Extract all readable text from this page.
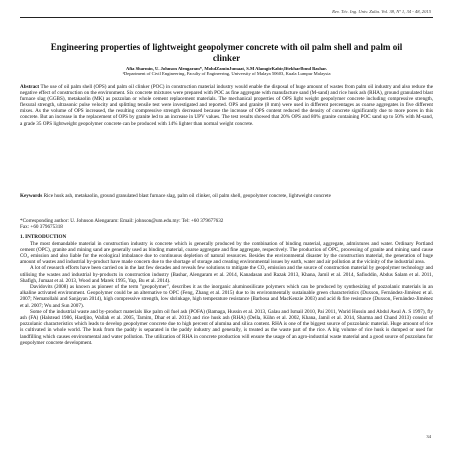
Rev. Téc. Ing. Univ. Zulia. Vol. 38, Nº 1, 34 - 48, 2015
Engineering properties of lightweight geopolymer concrete with oil palm shell and palm oil clinker
Afia Sharmin, U. Johnson Alengaram*, MohdZaminJumaat, S.M AlamgirKabir,IftekharIbnul Bashar.
¹Department of Civil Engineering, Faculty of Engineering, University of Malaya 50603, Kuala Lumpur Malaysia
Abstract The use of oil palm shell (OPS) and palm oil clinker (POC) in construction material industry would enable the disposal of huge amount of wastes from palm oil industry and also reduce the negative effect of construction on the environment. Six concrete mixtures were prepared with POC as fine aggregate with manufacture sand (M-sand) and rice husk ash (RHA), ground granulated blast furnace slag (GGBS), metakaolin (MK) as pozzolan or whole cement replacement materials. The mechanical properties of OPS light weight geopolymer concrete including compressive strength, flexural strength, ultrasonic pulse velocity and splitting tensile test were investigated and reported. OPS and granite (8 mm) were used in different percentages as coarse aggregates in five different mixes. As the volume of OPS increased, the resulting compressive strength decreased because the increase of OPS content reduced the density of concrete significantly due to more pores in this concrete. But an increase in the replacement of OPS by granite led to an increase in UPV values. The test results showed that 20% OPS and 80% granite containing POC sand up to 50% with M-sand, a grade 35 OPS lightweight geopolymer concrete can be produced with 14% lighter than normal weight concrete.
Keywords Rice husk ash, metakaolin, ground granulated blast furnace slag, palm oil clinker, oil palm shell, geopolymer concrete, lightweight concrete
*Corresponding author: U. Johnson Alengaram: Email: johnson@um.edu.my: Tel: +60 379677632
Fax: +60 379675318
1. INTRODUCTION

The most demandable material in construction industry is concrete which is generally produced by the combination of binding material, aggregate, admixtures and water. Ordinary Portland cement (OPC), granite and mining sand are generally used as binding material, coarse aggregate and fine aggregate, respectively. The production of OPC, processing of granite and mining sand cause CO₂ emission and also liable for the ecological imbalance due to continuous depletion of natural resources. Besides the environmental disaster by the construction material, the generation of huge amount of wastes and industrial by-product have made concern due to the shortage of storage and creating environmental issues by earth, water and air pollution at the vicinity of the industrial area.

A lot of research efforts have been carried on in the last few decades and reveals few solutions to mitigate the CO₂ emission and the source of construction material by geopolymer technology and utilising the wastes and industrial by-products in construction industry (Bashar, Alengaram et al. 2014, Kanadasan and Razak 2013, Khana, Jamil et al. 2014, Safiuddin, Abdus Salam et al. 2011, Shafigh, Jumaat et al. 2013, Wood and Marek 1995, Yap, Bu et al. 2014).

Davidovits (2008) as known as pioneer of the term "geopolymer", describes it as the inorganic aluminosilicate polymers which can be produced by synthesizing of pozzolanic materials in an alkaline activated environment. Geopolymer could be an alternative to OPC (Feng, Zhang et al. 2015) due to its environmentally sustainable green characteristics (Duxson, Fernández-Jiménez et al. 2007; Nematollahi and Sanjayan 2014), high compressive strength, low shrinkage, high temperature resistance (Barbosa and MacKenzie 2003) and acid & fire resistance (Duxson, Fernández-Jiménez et al. 2007; Wu and Sun 2007).

Some of the industrial waste and by-product materials like palm oil fuel ash (POFA) (Bamaga, Hussin et al. 2013, Galau and Ismail 2010, Pai 2011, Warid Hussin and Abdul Awal A. S 1997), fly ash (FA) (Halstead 1986, Hardjito, Wallah et al. 2005, Tarnim, Dhar et al. 2013) and rice husk ash (RHA) (Della, Kühn et al. 2002, Khana, Jamil et al. 2014, Sharma and Chand 2013) consist of pozzolanic characteristics which leads to develop geopolymer concrete due to high percent of alumina and silica content. RHA is one of the biggest source of pozzolanic material. Huge amount of rice is cultivated in whole world. The husk from the paddy is separated in the paddy industry and generally, is treated as the waste part of the rice. A big volume of rice husk is dumped or used for landfilling which causes environmental and water pollution. The utilization of RHA in concrete production will ensure the usage of an agro-industrial waste material and a good source of pozzolans for geopolymer concrete development.

34
